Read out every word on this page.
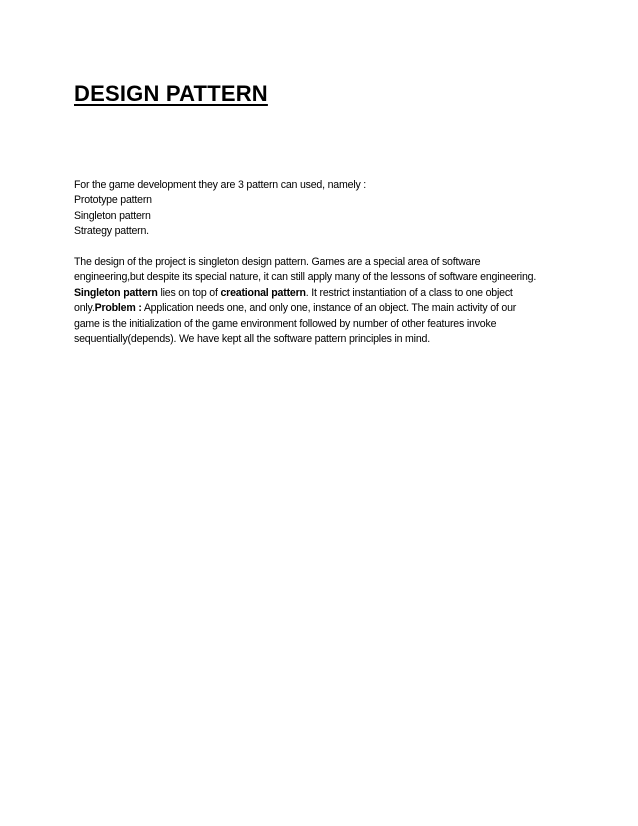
DESIGN PATTERN
For the game development they are 3 pattern can used, namely :
Prototype pattern
Singleton pattern
Strategy pattern.
The design of the project is singleton design pattern. Games are a special area of software
engineering,but despite its special nature, it can still apply many of the lessons of software engineering.
Singleton pattern lies on top of creational pattern. It restrict instantiation of a class to one object
only.Problem : Application needs one, and only one, instance of an object. The main activity of our
game is the initialization of the game environment followed by number of other features invoke
sequentially(depends). We have kept all the software pattern principles in mind.
